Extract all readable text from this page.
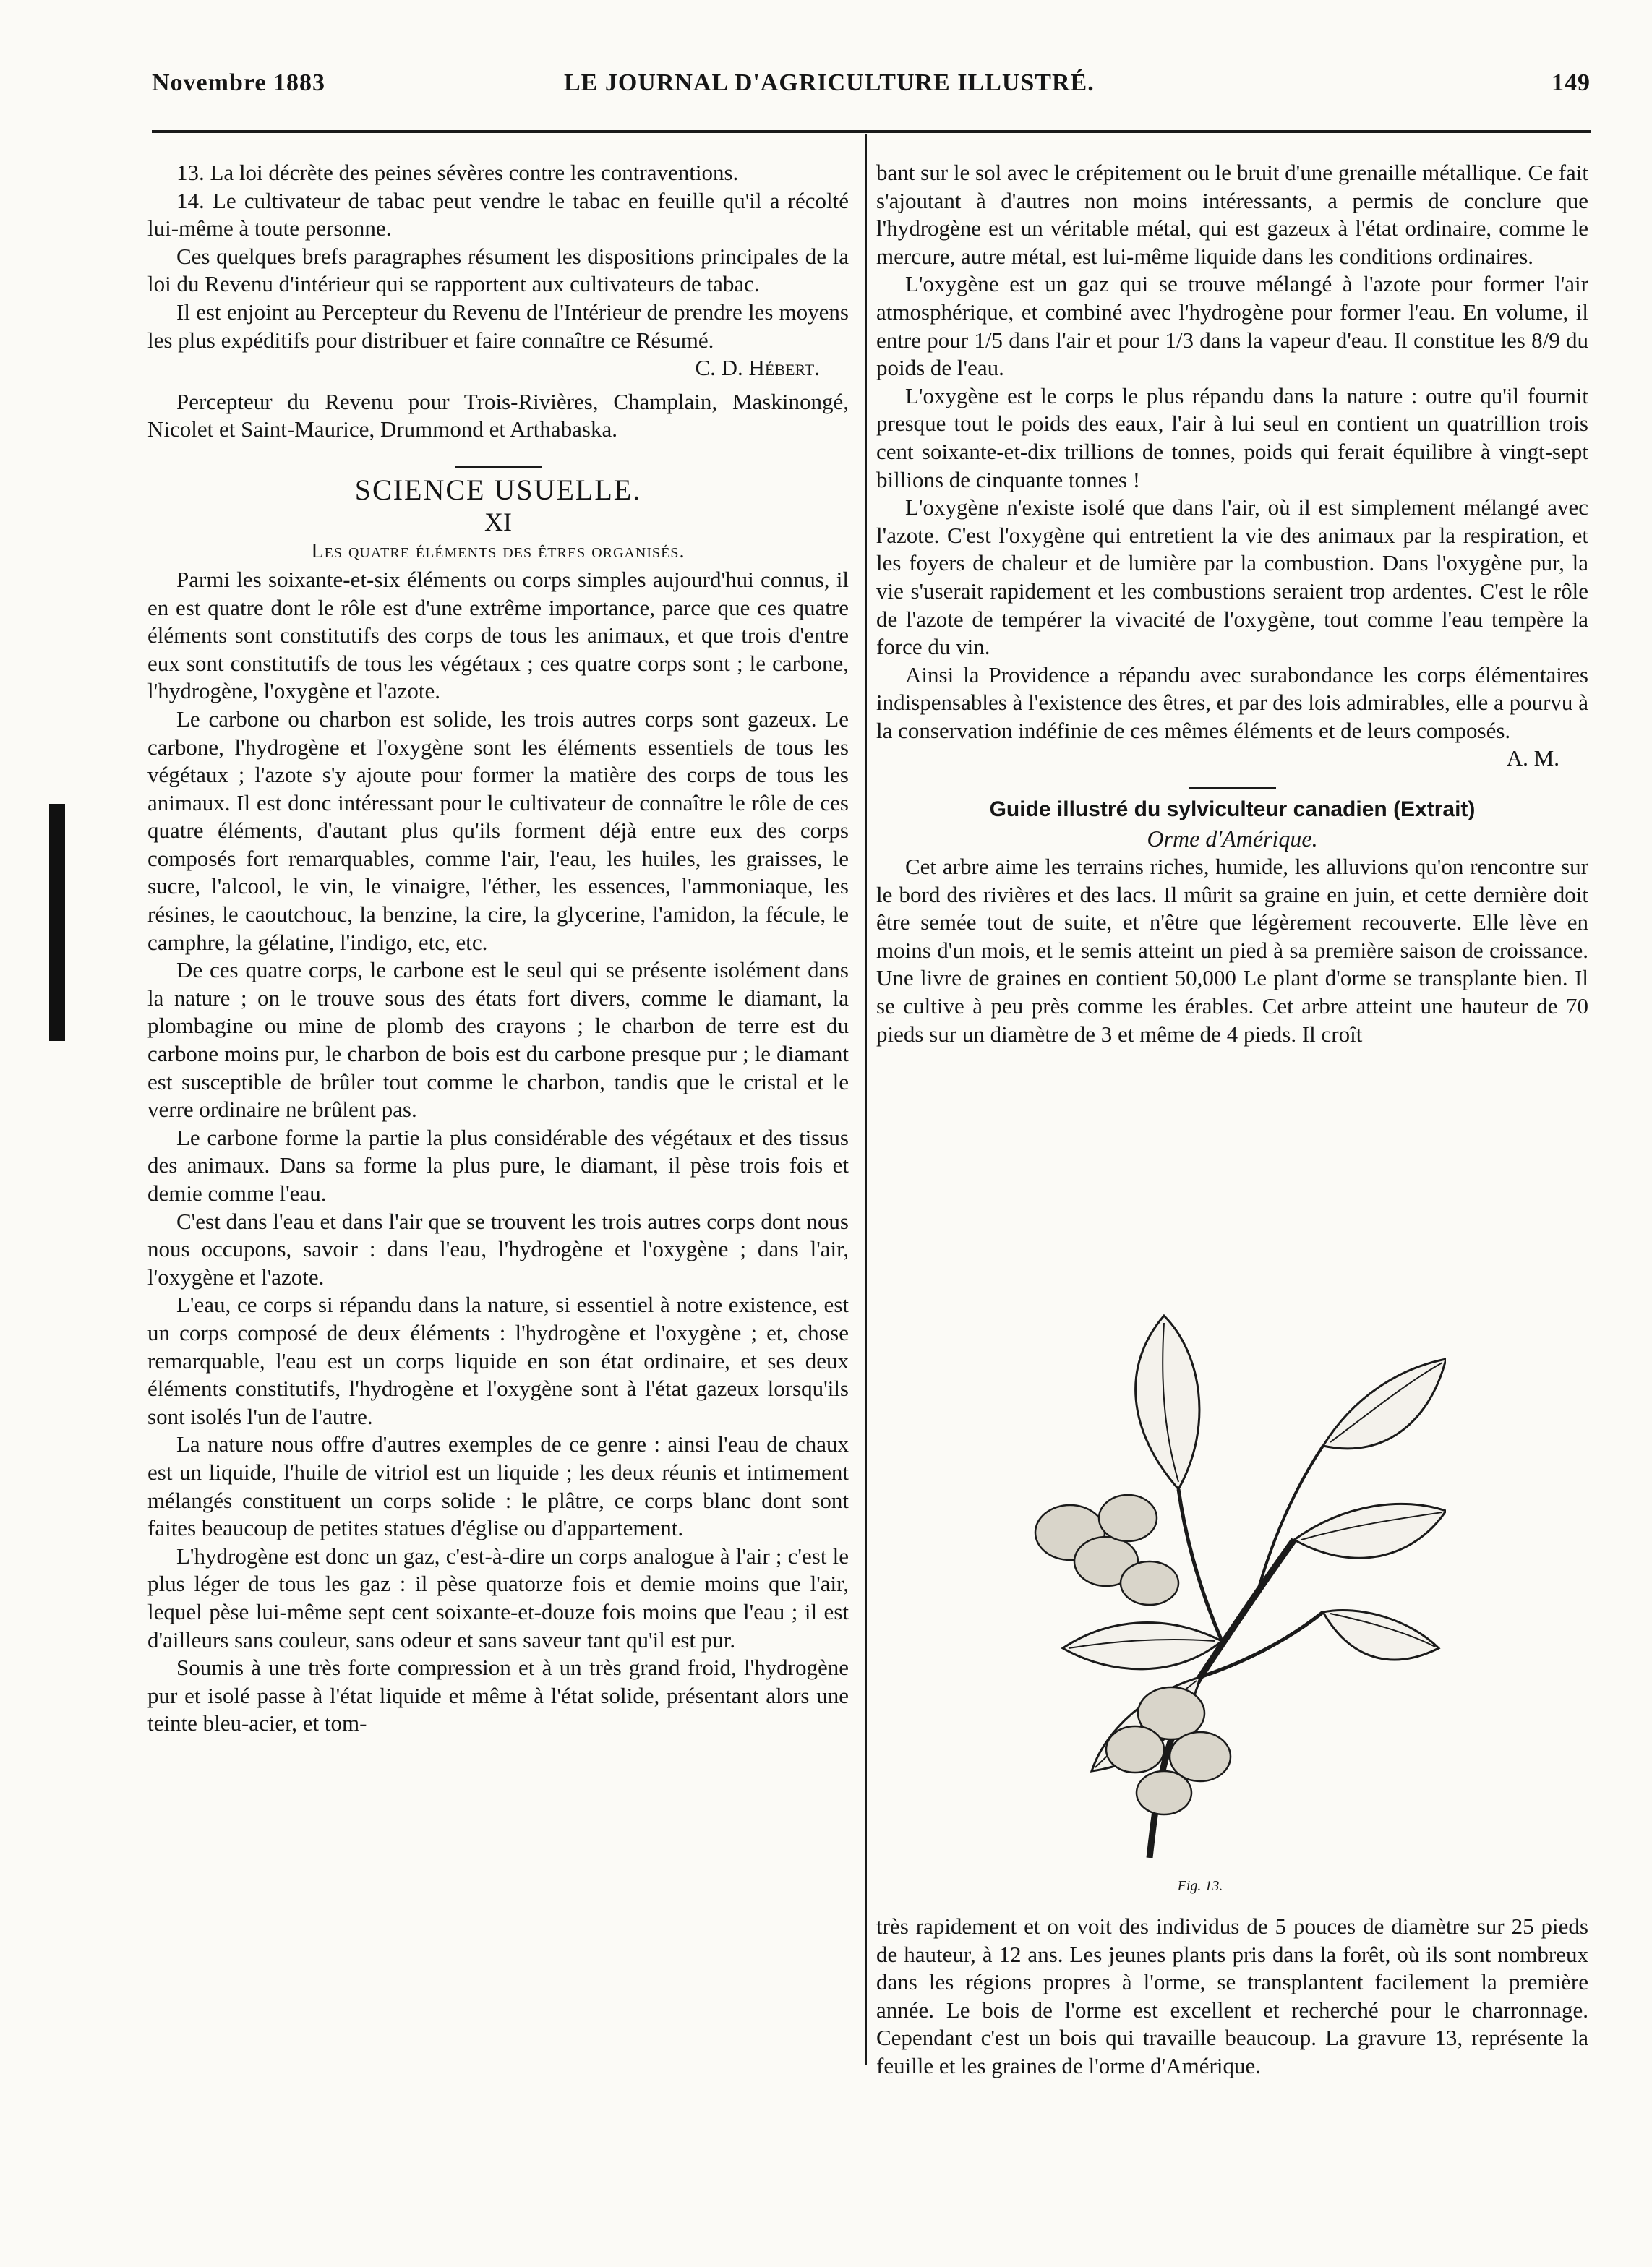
Novembre 1883	LE JOURNAL D'AGRICULTURE ILLUSTRÉ.	149

13. La loi décrète des peines sévères contre les contraventions.

14. Le cultivateur de tabac peut vendre le tabac en feuille qu'il a récolté lui-même à toute personne.

Ces quelques brefs paragraphes résument les dispositions principales de la loi du Revenu d'intérieur qui se rapportent aux cultivateurs de tabac.

Il est enjoint au Percepteur du Revenu de l'Intérieur de prendre les moyens les plus expéditifs pour distribuer et faire connaître ce Résumé.

C. D. Hébert.

Percepteur du Revenu pour Trois-Rivières, Champlain, Maskinongé, Nicolet et Saint-Maurice, Drummond et Arthabaska.

SCIENCE USUELLE.
XI
Les quatre éléments des êtres organisés.

Parmi les soixante-et-six éléments ou corps simples aujourd'hui connus, il en est quatre dont le rôle est d'une extrême importance, parce que ces quatre éléments sont constitutifs des corps de tous les animaux, et que trois d'entre eux sont constitutifs de tous les végétaux ; ces quatre corps sont ; le carbone, l'hydrogène, l'oxygène et l'azote.

Le carbone ou charbon est solide, les trois autres corps sont gazeux. Le carbone, l'hydrogène et l'oxygène sont les éléments essentiels de tous les végétaux ; l'azote s'y ajoute pour former la matière des corps de tous les animaux. Il est donc intéressant pour le cultivateur de connaître le rôle de ces quatre éléments, d'autant plus qu'ils forment déjà entre eux des corps composés fort remarquables, comme l'air, l'eau, les huiles, les graisses, le sucre, l'alcool, le vin, le vinaigre, l'éther, les essences, l'ammoniaque, les résines, le caoutchouc, la benzine, la cire, la glycerine, l'amidon, la fécule, le camphre, la gélatine, l'indigo, etc, etc.

De ces quatre corps, le carbone est le seul qui se présente isolément dans la nature ; on le trouve sous des états fort divers, comme le diamant, la plombagine ou mine de plomb des crayons ; le charbon de terre est du carbone moins pur, le charbon de bois est du carbone presque pur ; le diamant est susceptible de brûler tout comme le charbon, tandis que le cristal et le verre ordinaire ne brûlent pas.

Le carbone forme la partie la plus considérable des végétaux et des tissus des animaux. Dans sa forme la plus pure, le diamant, il pèse trois fois et demie comme l'eau.

C'est dans l'eau et dans l'air que se trouvent les trois autres corps dont nous nous occupons, savoir : dans l'eau, l'hydrogène et l'oxygène ; dans l'air, l'oxygène et l'azote.

L'eau, ce corps si répandu dans la nature, si essentiel à notre existence, est un corps composé de deux éléments : l'hydrogène et l'oxygène ; et, chose remarquable, l'eau est un corps liquide en son état ordinaire, et ses deux éléments constitutifs, l'hydrogène et l'oxygène sont à l'état gazeux lorsqu'ils sont isolés l'un de l'autre.

La nature nous offre d'autres exemples de ce genre : ainsi l'eau de chaux est un liquide, l'huile de vitriol est un liquide ; les deux réunis et intimement mélangés constituent un corps solide : le plâtre, ce corps blanc dont sont faites beaucoup de petites statues d'église ou d'appartement.

L'hydrogène est donc un gaz, c'est-à-dire un corps analogue à l'air ; c'est le plus léger de tous les gaz : il pèse quatorze fois et demie moins que l'air, lequel pèse lui-même sept cent soixante-et-douze fois moins que l'eau ; il est d'ailleurs sans couleur, sans odeur et sans saveur tant qu'il est pur.

Soumis à une très forte compression et à un très grand froid, l'hydrogène pur et isolé passe à l'état liquide et même à l'état solide, présentant alors une teinte bleu-acier, et tom-

bant sur le sol avec le crépitement ou le bruit d'une grenaille métallique. Ce fait s'ajoutant à d'autres non moins intéressants, a permis de conclure que l'hydrogène est un véritable métal, qui est gazeux à l'état ordinaire, comme le mercure, autre métal, est lui-même liquide dans les conditions ordinaires.

L'oxygène est un gaz qui se trouve mélangé à l'azote pour former l'air atmosphérique, et combiné avec l'hydrogène pour former l'eau. En volume, il entre pour 1/5 dans l'air et pour 1/3 dans la vapeur d'eau. Il constitue les 8/9 du poids de l'eau.

L'oxygène est le corps le plus répandu dans la nature : outre qu'il fournit presque tout le poids des eaux, l'air à lui seul en contient un quatrillion trois cent soixante-et-dix trillions de tonnes, poids qui ferait équilibre à vingt-sept billions de cinquante tonnes !

L'oxygène n'existe isolé que dans l'air, où il est simplement mélangé avec l'azote. C'est l'oxygène qui entretient la vie des animaux par la respiration, et les foyers de chaleur et de lumière par la combustion. Dans l'oxygène pur, la vie s'userait rapidement et les combustions seraient trop ardentes. C'est le rôle de l'azote de tempérer la vivacité de l'oxygène, tout comme l'eau tempère la force du vin.

Ainsi la Providence a répandu avec surabondance les corps élémentaires indispensables à l'existence des êtres, et par des lois admirables, elle a pourvu à la conservation indéfinie de ces mêmes éléments et de leurs composés.

A. M.

Guide illustré du sylviculteur canadien (Extrait)
Orme d'Amérique.

Cet arbre aime les terrains riches, humide, les alluvions qu'on rencontre sur le bord des rivières et des lacs. Il mûrit sa graine en juin, et cette dernière doit être semée tout de suite, et n'être que légèrement recouverte. Elle lève en moins d'un mois, et le semis atteint un pied à sa première saison de croissance. Une livre de graines en contient 50,000 Le plant d'orme se transplante bien. Il se cultive à peu près comme les érables. Cet arbre atteint une hauteur de 70 pieds sur un diamètre de 3 et même de 4 pieds. Il croît

Fig. 13.

très rapidement et on voit des individus de 5 pouces de diamètre sur 25 pieds de hauteur, à 12 ans. Les jeunes plants pris dans la forêt, où ils sont nombreux dans les régions propres à l'orme, se transplantent facilement la première année. Le bois de l'orme est excellent et recherché pour le charronnage. Cependant c'est un bois qui travaille beaucoup. La gravure 13, représente la feuille et les graines de l'orme d'Amérique.
